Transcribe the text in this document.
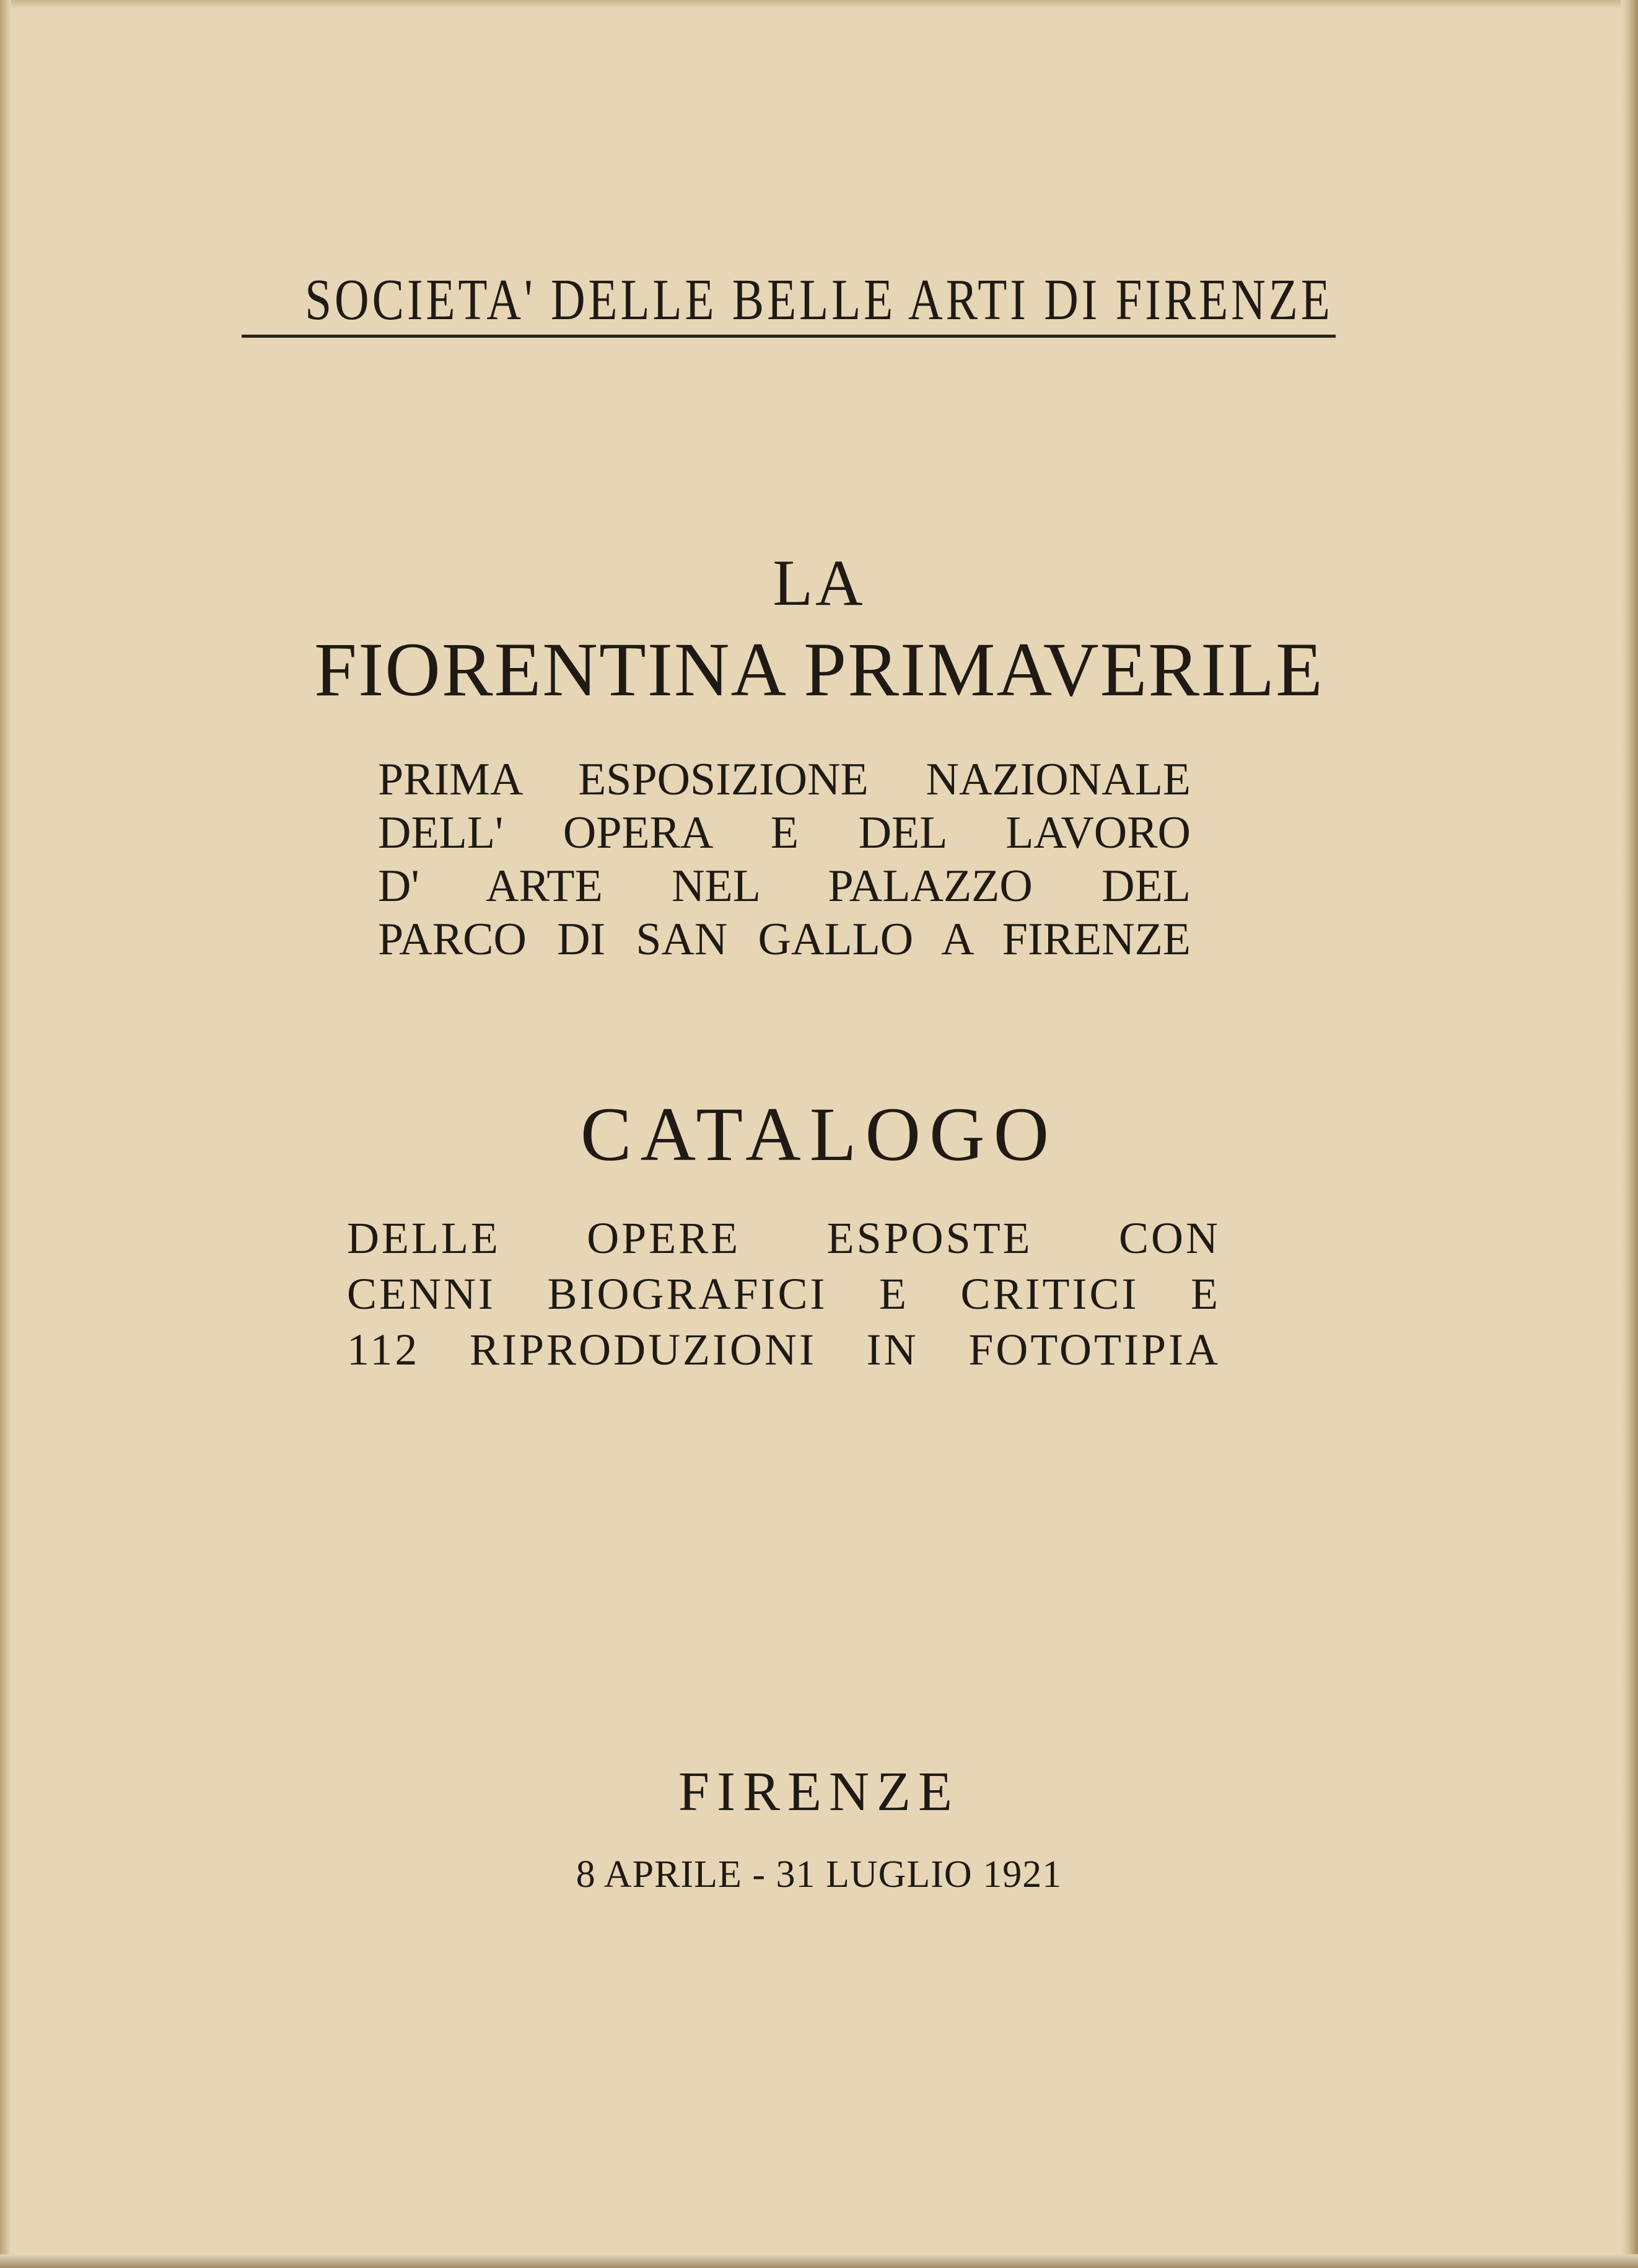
SOCIETA' DELLE BELLE ARTI DI FIRENZE

LA

FIORENTINA PRIMAVERILE

PRIMA ESPOSIZIONE NAZIONALE
DELL' OPERA E DEL LAVORO
D' ARTE NEL PALAZZO DEL
PARCO DI SAN GALLO A FIRENZE

CATALOGO

DELLE OPERE ESPOSTE CON
CENNI BIOGRAFICI E CRITICI E
112 RIPRODUZIONI IN FOTOTIPIA

FIRENZE

8 APRILE - 31 LUGLIO 1921
